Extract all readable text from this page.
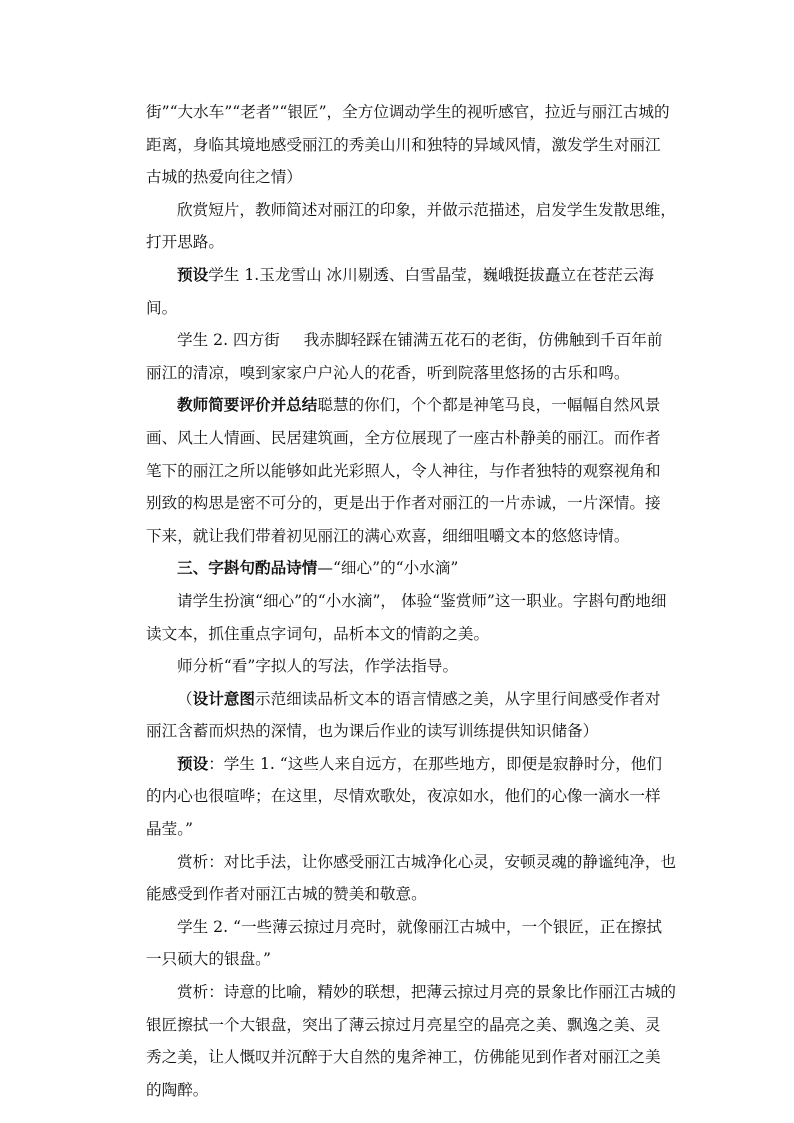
街”“大水车”“老者”“银匠”，全方位调动学生的视听感官，拉近与丽江古城的距离，身临其境地感受丽江的秀美山川和独特的异域风情，激发学生对丽江古城的热爱向往之情）

欣赏短片，教师简述对丽江的印象，并做示范描述，启发学生发散思维，打开思路。

预设学生 1.玉龙雪山 冰川剔透、白雪晶莹，巍峨挺拔矗立在苍茫云海间。

学生 2. 四方街 我赤脚轻踩在铺满五花石的老街，仿佛触到千百年前丽江的清凉，嗅到家家户户沁人的花香，听到院落里悠扬的古乐和鸣。

教师简要评价并总结聪慧的你们，个个都是神笔马良，一幅幅自然风景画、风土人情画、民居建筑画，全方位展现了一座古朴静美的丽江。而作者笔下的丽江之所以能够如此光彩照人，令人神往，与作者独特的观察视角和别致的构思是密不可分的，更是出于作者对丽江的一片赤诚，一片深情。接下来，就让我们带着初见丽江的满心欢喜，细细咀嚼文本的悠悠诗情。

三、字斟句酌品诗情—“细心”的“小水滴”

请学生扮演“细心”的“小水滴”， 体验“鉴赏师”这一职业。字斟句酌地细读文本，抓住重点字词句，品析本文的情韵之美。

师分析“看”字拟人的写法，作学法指导。

（设计意图示范细读品析文本的语言情感之美，从字里行间感受作者对丽江含蓄而炽热的深情，也为课后作业的读写训练提供知识储备）

预设：学生 1. “这些人来自远方，在那些地方，即便是寂静时分，他们的内心也很喧哗；在这里，尽情欢歌处，夜凉如水，他们的心像一滴水一样晶莹。”

赏析：对比手法，让你感受丽江古城净化心灵，安顿灵魂的静谧纯净，也能感受到作者对丽江古城的赞美和敬意。

学生 2. “一些薄云掠过月亮时，就像丽江古城中，一个银匠，正在擦拭一只硕大的银盘。”

赏析：诗意的比喻，精妙的联想，把薄云掠过月亮的景象比作丽江古城的银匠擦拭一个大银盘，突出了薄云掠过月亮星空的晶亮之美、飘逸之美、灵秀之美，让人慨叹并沉醉于大自然的鬼斧神工，仿佛能见到作者对丽江之美的陶醉。
